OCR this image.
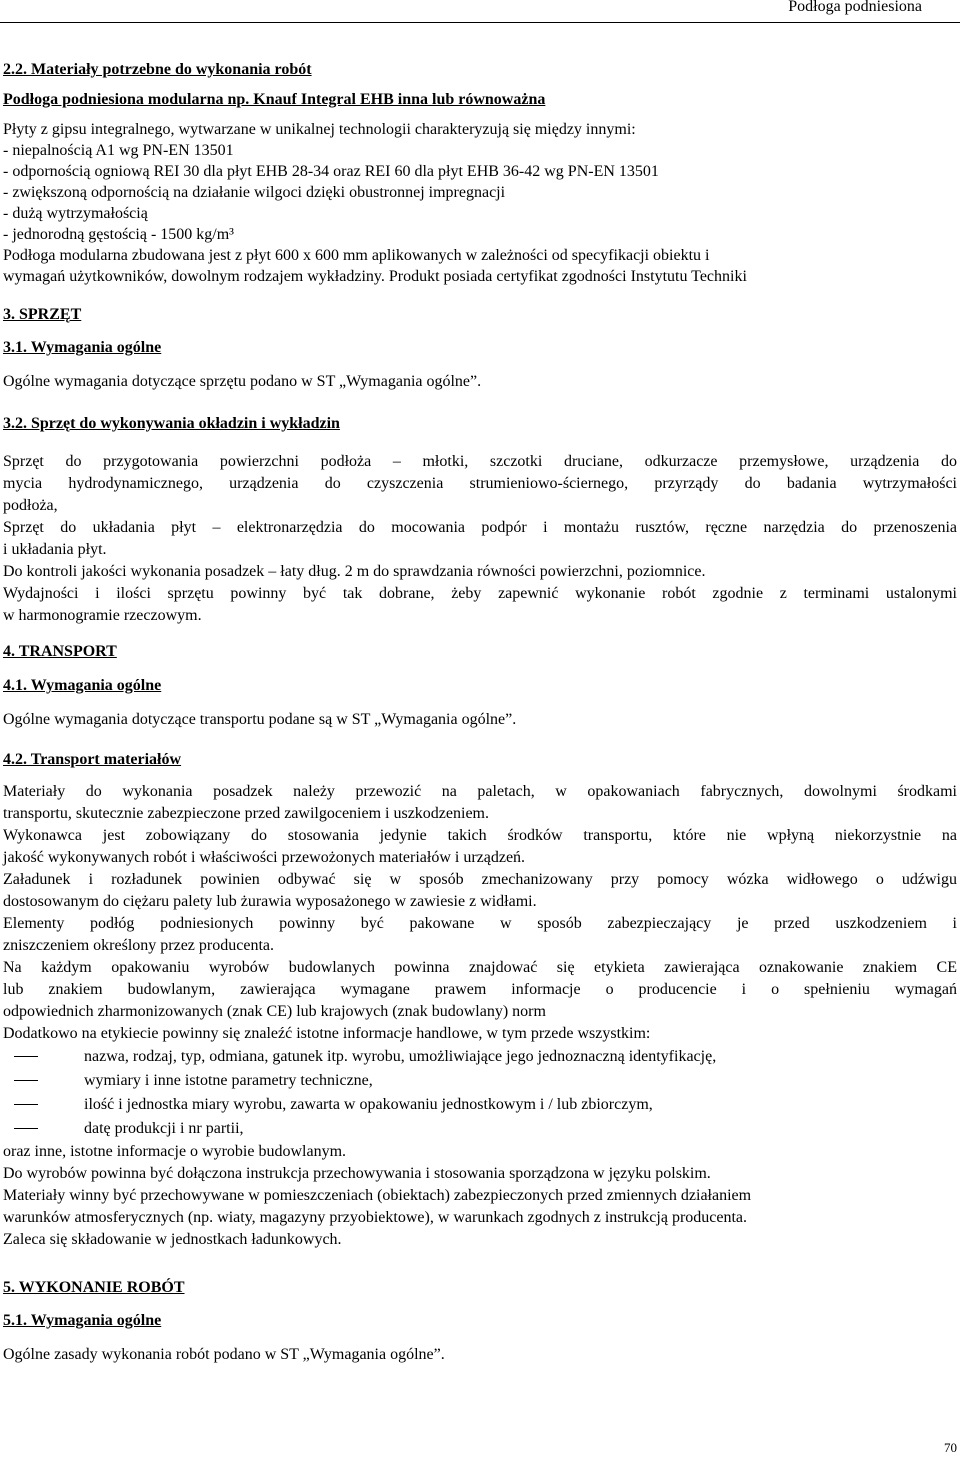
Podłoga podniesiona

2.2. Materiały potrzebne do wykonania robót

Podłoga podniesiona modularna np. Knauf Integral EHB inna lub równoważna

Płyty z gipsu integralnego, wytwarzane w unikalnej technologii charakteryzują się między innymi:

- niepalnością A1 wg PN-EN 13501

- odpornością ogniową REI 30 dla płyt EHB 28-34 oraz REI 60 dla płyt EHB 36-42 wg PN-EN 13501

- zwiększoną odpornością na działanie wilgoci dzięki obustronnej impregnacji

- dużą wytrzymałością

- jednorodną gęstością - 1500 kg/m³

Podłoga modularna zbudowana jest z płyt 600 x 600 mm aplikowanych w zależności od specyfikacji obiektu i

wymagań użytkowników, dowolnym rodzajem wykładziny. Produkt posiada certyfikat zgodności Instytutu Techniki

3. SPRZĘT

3.1. Wymagania ogólne

Ogólne wymagania dotyczące sprzętu podano w ST „Wymagania ogólne”.

3.2. Sprzęt do wykonywania okładzin i wykładzin

Sprzęt do przygotowania powierzchni podłoża – młotki, szczotki druciane, odkurzacze przemysłowe, urządzenia do

mycia hydrodynamicznego, urządzenia do czyszczenia strumieniowo-ściernego, przyrządy do badania wytrzymałości

podłoża,

Sprzęt do układania płyt – elektronarzędzia do mocowania podpór i montażu rusztów, ręczne narzędzia do przenoszenia

i układania płyt.

Do kontroli jakości wykonania posadzek – łaty dług. 2 m do sprawdzania równości powierzchni, poziomnice.

Wydajności i ilości sprzętu powinny być tak dobrane, żeby zapewnić wykonanie robót zgodnie z terminami ustalonymi

w harmonogramie rzeczowym.

4. TRANSPORT

4.1. Wymagania ogólne

Ogólne wymagania dotyczące transportu podane są w ST „Wymagania ogólne”.

4.2. Transport materiałów

Materiały do wykonania posadzek należy przewozić na paletach, w opakowaniach fabrycznych, dowolnymi środkami

transportu, skutecznie zabezpieczone przed zawilgoceniem i uszkodzeniem.

Wykonawca jest zobowiązany do stosowania jedynie takich środków transportu, które nie wpłyną niekorzystnie na

jakość wykonywanych robót i właściwości przewożonych materiałów i urządzeń.

Załadunek i rozładunek powinien odbywać się w sposób zmechanizowany przy pomocy wózka widłowego o udźwigu

dostosowanym do ciężaru palety lub żurawia wyposażonego w zawiesie z widłami.

Elementy podłóg podniesionych powinny być pakowane w sposób zabezpieczający je przed uszkodzeniem i

zniszczeniem określony przez producenta.

Na każdym opakowaniu wyrobów budowlanych powinna znajdować się etykieta zawierająca oznakowanie znakiem CE

lub znakiem budowlanym, zawierająca wymagane prawem informacje o producencie i o spełnieniu wymagań

odpowiednich zharmonizowanych (znak CE) lub krajowych (znak budowlany) norm

Dodatkowo na etykiecie powinny się znaleźć istotne informacje handlowe, w tym przede wszystkim:

nazwa, rodzaj, typ, odmiana, gatunek itp. wyrobu, umożliwiające jego jednoznaczną identyfikację,
wymiary i inne istotne parametry techniczne,
ilość i jednostka miary wyrobu, zawarta w opakowaniu jednostkowym i / lub zbiorczym,
datę produkcji i nr partii,

oraz inne, istotne informacje o wyrobie budowlanym.

Do wyrobów powinna być dołączona instrukcja przechowywania i stosowania sporządzona w języku polskim.

Materiały winny być przechowywane w pomieszczeniach (obiektach) zabezpieczonych przed zmiennych działaniem

warunków atmosferycznych (np. wiaty, magazyny przyobiektowe), w warunkach zgodnych z instrukcją producenta.

Zaleca się składowanie w jednostkach ładunkowych.

5. WYKONANIE ROBÓT

5.1. Wymagania ogólne

Ogólne zasady wykonania robót podano w ST „Wymagania ogólne”.

70
